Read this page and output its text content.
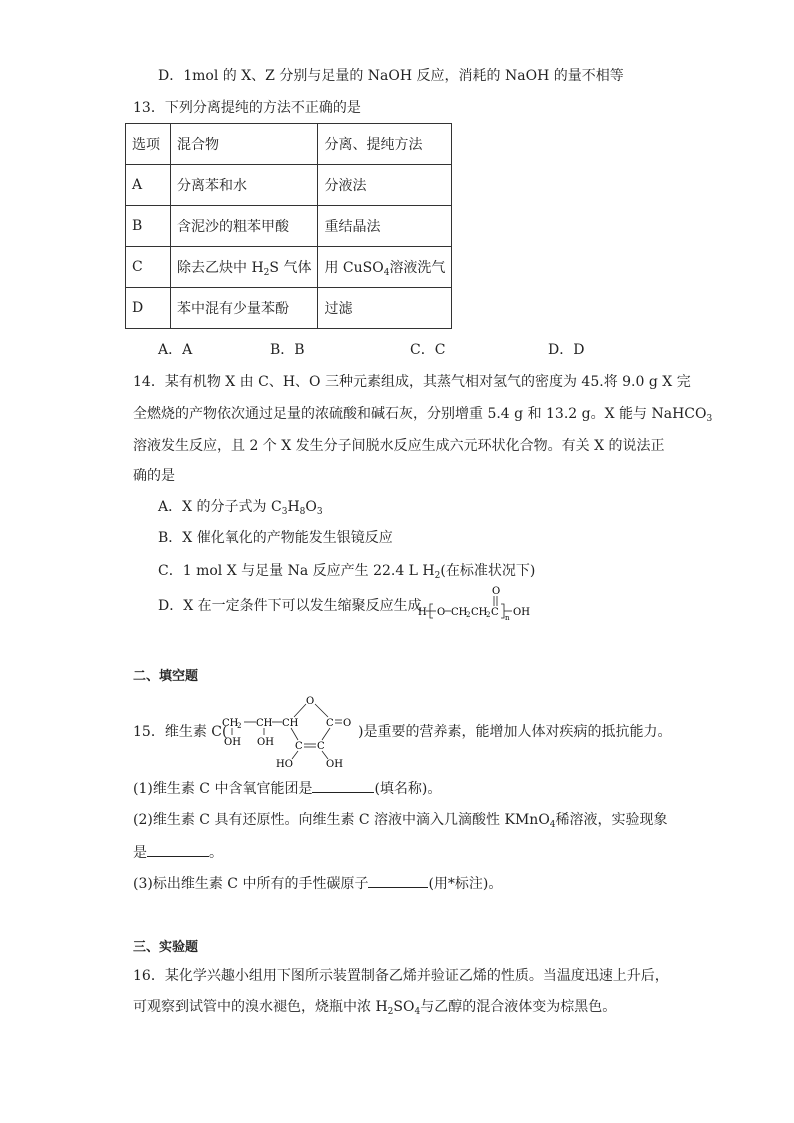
D．1mol 的 X、Z 分别与足量的 NaOH 反应，消耗的 NaOH 的量不相等
13．下列分离提纯的方法不正确的是
选项	混合物	分离、提纯方法
A	分离苯和水	分液法
B	含泥沙的粗苯甲酸	重结晶法
C	除去乙炔中 $H_2S$ 气体	用 CuSO$_4$溶液洗气
D	苯中混有少量苯酚	过滤
A．A	B．B	C．C	D．D
14．某有机物 X 由 C、H、O 三种元素组成，其蒸气相对氢气的密度为 45.将 9.0 g X 完
全燃烧的产物依次通过足量的浓硫酸和碱石灰，分别增重 5.4 g 和 13.2 g。X 能与 NaHCO$_3$
溶液发生反应，且 2 个 X 发生分子间脱水反应生成六元环状化合物。有关 X 的说法正
确的是
A．X 的分子式为 $C_3H_8O_3$
B．X 催化氧化的产物能发生银镜反应
C．1 mol X 与足量 Na 反应产生 22.4 L $H_2$(在标准状况下)
D．X 在一定条件下可以发生缩聚反应生成
H O CH
2 CH
2 C
O
n OH
二、填空题
15．维生素 C(
CH
2 CH CH
OH OH
O
C O
C C
HO	OH
)是重要的营养素，能增加人体对疾病的抵抗能力。
(1)维生素 C 中含氧官能团是	(填名称)。
(2)维生素 C 具有还原性。向维生素 C 溶液中滴入几滴酸性 KMnO$_4$稀溶液，实验现象
是	。
(3)标出维生素 C 中所有的手性碳原子	(用*标注)。
三、实验题
16．某化学兴趣小组用下图所示装置制备乙烯并验证乙烯的性质。当温度迅速上升后，
可观察到试管中的溴水褪色，烧瓶中浓 $H_2SO_4$与乙醇的混合液体变为棕黑色。
